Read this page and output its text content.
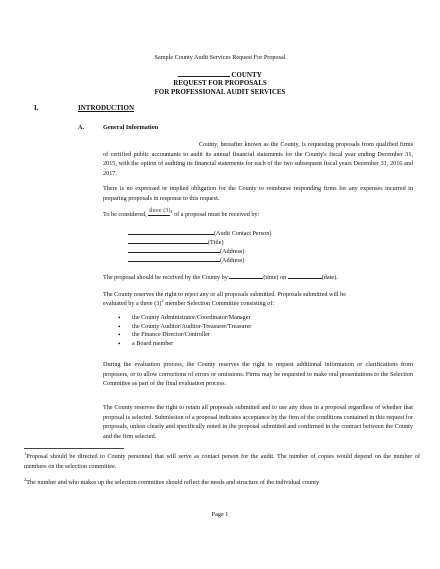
Sample County Audit Services Request For Proposal
COUNTY
REQUEST FOR PROPOSALS
FOR PROFESSIONAL AUDIT SERVICES
I.	INTRODUCTION
A.	General Information
County, hereafter known as the County, is requesting proposals from qualified firms of certified public accountants to audit its annual financial statements for the County's fiscal year ending December 31, 2015, with the option of auditing its financial statements for each of the two subsequent fiscal years December 31, 2016 and 2017.
There is no expressed or implied obligation for the County to reimburse responding firms for any expenses incurred in preparing proposals in response to this request.
To be considered,
three (3) $^1$ of a proposal must be received by:
(Audit Contact Person)
(Title)
(Address)
(Address)
The proposal should be received by the County by	(time) on	(date).
The County reserves the right to reject any or all proposals submitted. Proposals submitted will be
evaluated by a three $(3)^2$ member Selection Committee consisting of:
• the County Administrator/Coordinator/Manager
• the County Auditor/Auditor-Treasurer/Treasurer
• the Finance Director/Controller
• a Board member
During the evaluation process, the County reserves the right to request additional information or clarifications from proposers, or to allow corrections of errors or omissions. Firms may be requested to make oral presentations to the Selection Committee as part of the final evaluation process.
The County reserves the right to retain all proposals submitted and to use any ideas in a proposal regardless of whether that proposal is selected. Submission of a proposal indicates acceptance by the firm of the conditions contained in this request for proposals, unless clearly and specifically noted in the proposal submitted and confirmed in the contract between the County and the firm selected.
$^1$Proposal should be directed to County personnel that will serve as contact person for the audit. The number of copies would depend on the number of members on the selection committee.
$^2$The number and who makes up the selection committee should reflect the needs and structure of the individual county
Page 1
